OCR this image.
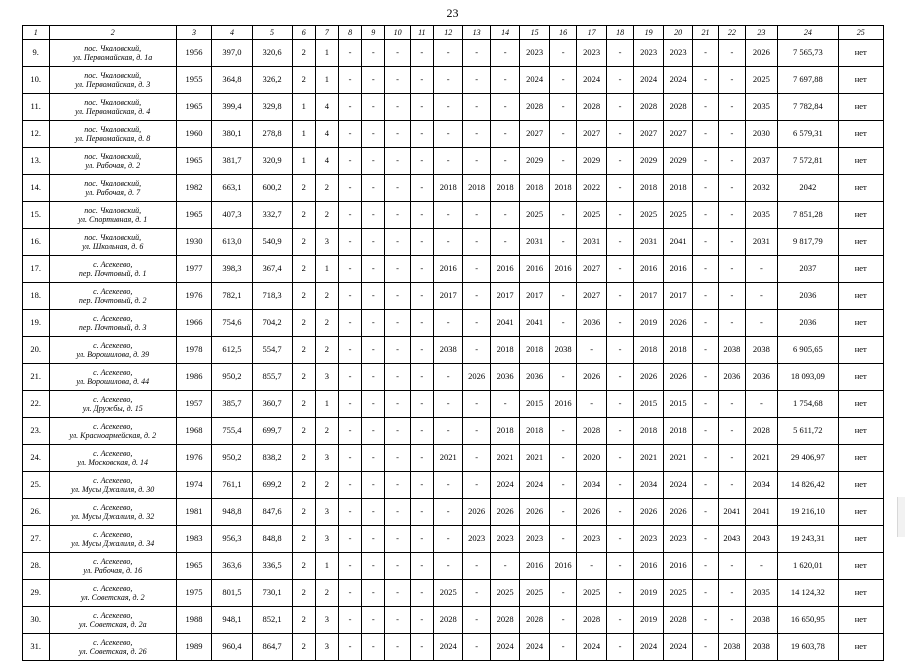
23
1	2	3	4	5	6	7	8	9	10	11	12	13	14	15	16	17	18	19	20	21	22	23	24	25
9.	пос. Чкаловский,
ул. Первомайская, д. 1а	1956	397,0	320,6	2	1	-	-	-	-	-	-	-	2023	-	2023	-	2023	2023	-	-	2026	7 565,73	нет
10.	пос. Чкаловский,
ул. Первомайская, д. 3	1955	364,8	326,2	2	1	-	-	-	-	-	-	-	2024	-	2024	-	2024	2024	-	-	2025	7 697,88	нет
11.	пос. Чкаловский,
ул. Первомайская, д. 4	1965	399,4	329,8	1	4	-	-	-	-	-	-	-	2028	-	2028	-	2028	2028	-	-	2035	7 782,84	нет
12.	пос. Чкаловский,
ул. Первомайская, д. 8	1960	380,1	278,8	1	4	-	-	-	-	-	-	-	2027	-	2027	-	2027	2027	-	-	2030	6 579,31	нет
13.	пос. Чкаловский,
ул. Рабочая, д. 2	1965	381,7	320,9	1	4	-	-	-	-	-	-	-	2029	-	2029	-	2029	2029	-	-	2037	7 572,81	нет
14.	пос. Чкаловский,
ул. Рабочая, д. 7	1982	663,1	600,2	2	2	-	-	-	-	2018	2018	2018	2018	2018	2022	-	2018	2018	-	-	2032	2042	нет
15.	пос. Чкаловский,
ул. Спортивная, д. 1	1965	407,3	332,7	2	2	-	-	-	-	-	-	-	2025	-	2025	-	2025	2025	-	-	2035	7 851,28	нет
16.	пос. Чкаловский,
ул. Школьная, д. 6	1930	613,0	540,9	2	3	-	-	-	-	-	-	-	2031	-	2031	-	2031	2041	-	-	2031	9 817,79	нет
17.	с. Асекеево,
пер. Почтовый, д. 1	1977	398,3	367,4	2	1	-	-	-	-	2016	-	2016	2016	2016	2027	-	2016	2016	-	-	-	2037	нет
18.	с. Асекеево,
пер. Почтовый, д. 2	1976	782,1	718,3	2	2	-	-	-	-	2017	-	2017	2017	-	2027	-	2017	2017	-	-	-	2036	нет
19.	с. Асекеево,
пер. Почтовый, д. 3	1966	754,6	704,2	2	2	-	-	-	-	-	-	2041	2041	-	2036	-	2019	2026	-	-	-	2036	нет
20.	с. Асекеево,
ул. Ворошилова, д. 39	1978	612,5	554,7	2	2	-	-	-	-	2038	-	2018	2018	2038	-	-	2018	2018	-	2038	2038	6 905,65	нет
21.	с. Асекеево,
ул. Ворошилова, д. 44	1986	950,2	855,7	2	3	-	-	-	-	-	2026	2036	2036	-	2026	-	2026	2026	-	2036	2036	18 093,09	нет
22.	с. Асекеево,
ул. Дружбы, д. 15	1957	385,7	360,7	2	1	-	-	-	-	-	-	-	2015	2016	-	-	2015	2015	-	-	-	1 754,68	нет
23.	с. Асекеево,
ул. Красноармейская, д. 2	1968	755,4	699,7	2	2	-	-	-	-	-	-	2018	2018	-	2028	-	2018	2018	-	-	2028	5 611,72	нет
24.	с. Асекеево,
ул. Московская, д. 14	1976	950,2	838,2	2	3	-	-	-	-	2021	-	2021	2021	-	2020	-	2021	2021	-	-	2021	29 406,97	нет
25.	с. Асекеево,
ул. Мусы Джалиля, д. 30	1974	761,1	699,2	2	2	-	-	-	-	-	-	2024	2024	-	2034	-	2034	2024	-	-	2034	14 826,42	нет
26.	с. Асекеево,
ул. Мусы Джалиля, д. 32	1981	948,8	847,6	2	3	-	-	-	-	-	2026	2026	2026	-	2026	-	2026	2026	-	2041	2041	19 216,10	нет
27.	с. Асекеево,
ул. Мусы Джалиля, д. 34	1983	956,3	848,8	2	3	-	-	-	-	-	2023	2023	2023	-	2023	-	2023	2023	-	2043	2043	19 243,31	нет
28.	с. Асекеево,
ул. Рабочая, д. 16	1965	363,6	336,5	2	1	-	-	-	-	-	-	-	2016	2016	-	-	2016	2016	-	-	-	1 620,01	нет
29.	с. Асекеево,
ул. Советская, д. 2	1975	801,5	730,1	2	2	-	-	-	-	2025	-	2025	2025	-	2025	-	2019	2025	-	-	2035	14 124,32	нет
30.	с. Асекеево,
ул. Советская, д. 2а	1988	948,1	852,1	2	3	-	-	-	-	2028	-	2028	2028	-	2028	-	2019	2028	-	-	2038	16 650,95	нет
31.	с. Асекеево,
ул. Советская, д. 26	1989	960,4	864,7	2	3	-	-	-	-	2024	-	2024	2024	-	2024	-	2024	2024	-	2038	2038	19 603,78	нет
